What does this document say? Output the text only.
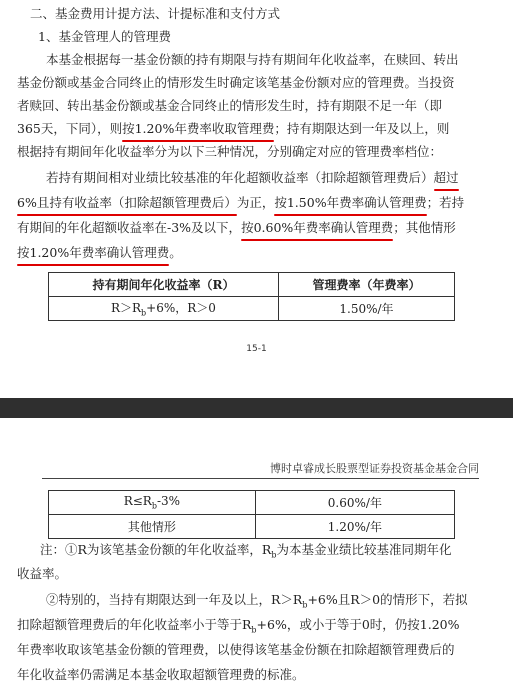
二、基金费用计提方法、计提标准和支付方式
1、基金管理人的管理费
本基金根据每一基金份额的持有期限与持有期间年化收益率，在赎回、转出
基金份额或基金合同终止的情形发生时确定该笔基金份额对应的管理费。当投资
者赎回、转出基金份额或基金合同终止的情形发生时，持有期限不足一年（即
365天，下同），则按1.20%年费率收取管理费；持有期限达到一年及以上，则
根据持有期间年化收益率分为以下三种情况，分别确定对应的管理费率档位：
若持有期间相对业绩比较基准的年化超额收益率（扣除超额管理费后）超过
6%且持有收益率（扣除超额管理费后）为正，按1.50%年费率确认管理费；若持
有期间的年化超额收益率在-3%及以下，按0.60%年费率确认管理费；其他情形
按1.20%年费率确认管理费。
持有期间年化收益率（R）	管理费率（年费率）
$R>R_b+6\%$，R＞0	1.50%/年
15-1
博时卓睿成长股票型证券投资基金基金合同
$R\le R_b-3\%$	0.60%/年
其他情形	1.20%/年
注：①R为该笔基金份额的年化收益率，$R_b$为本基金业绩比较基准同期年化
收益率。
②特别的，当持有期限达到一年及以上，$R>R_b+6\%$且R＞0的情形下，若拟
扣除超额管理费后的年化收益率小于等于$R_b+6\%$，或小于等于0时，仍按1.20%
年费率收取该笔基金份额的管理费，以使得该笔基金份额在扣除超额管理费后的
年化收益率仍需满足本基金收取超额管理费的标准。
